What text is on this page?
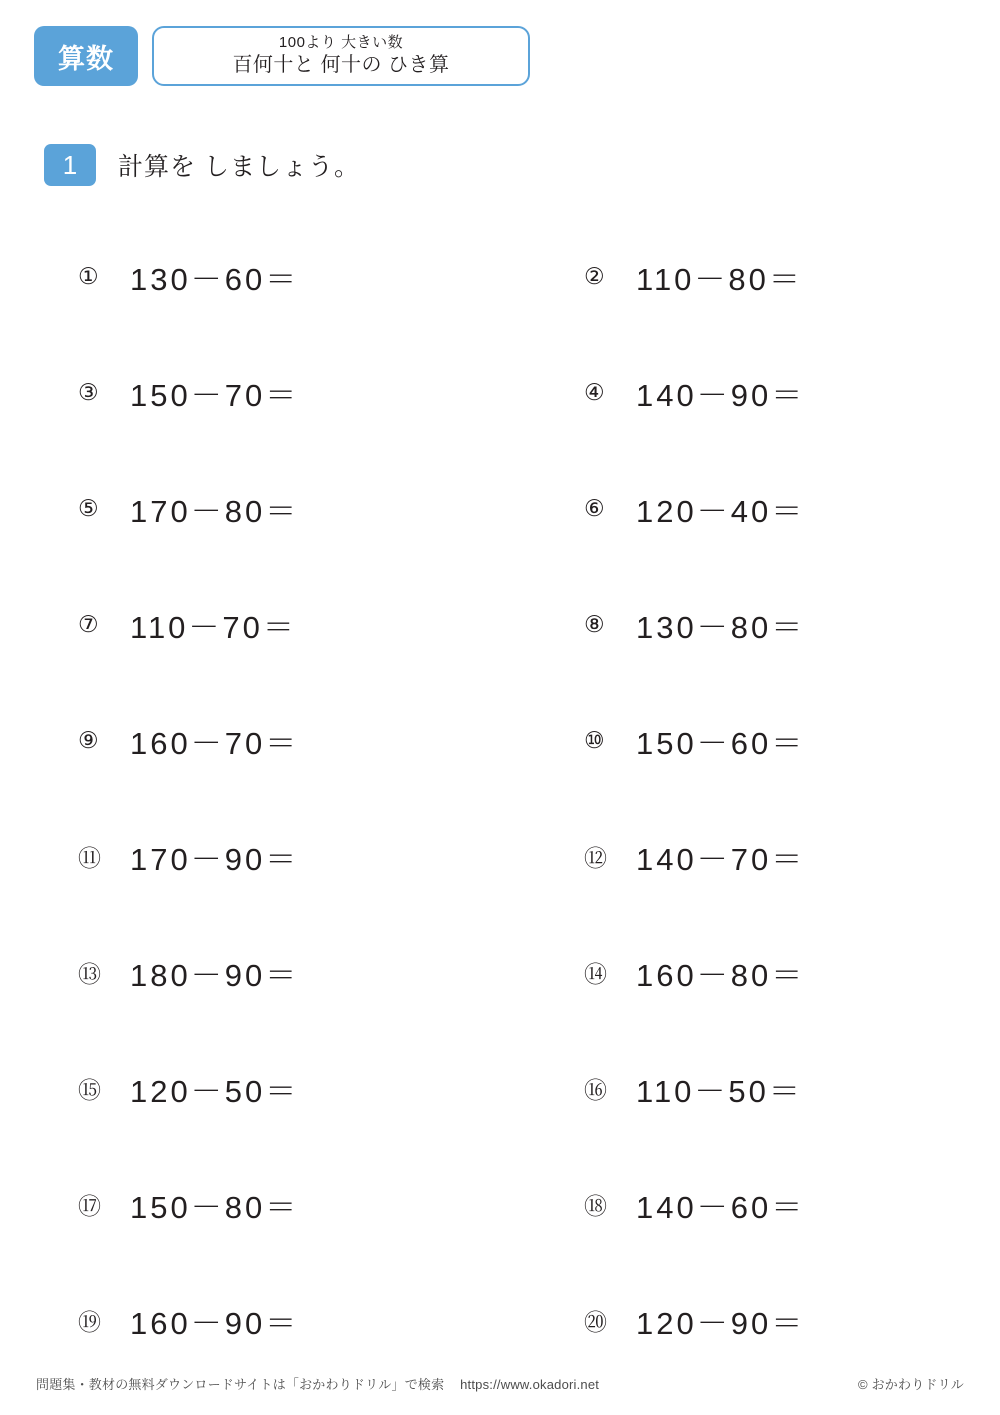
算数
100より 大きい数
百何十と 何十の ひき算
1	計算を しましょう。
①	130－60＝	②	110－80＝
③	150－70＝	④	140－90＝
⑤	170－80＝	⑥	120－40＝
⑦	110－70＝	⑧	130－80＝
⑨	160－70＝	⑩	150－60＝
⑪ 170－90＝	⑫ 140－70＝
⑬ 180－90＝	⑭ 160－80＝
⑮ 120－50＝	⑯ 110－50＝
⑰ 150－80＝	⑱ 140－60＝
⑲ 160－90＝	⑳ 120－90＝
問題集・教材の無料ダウンロードサイトは「おかわりドリル」で検索 https://www.okadori.net	© おかわりドリル
